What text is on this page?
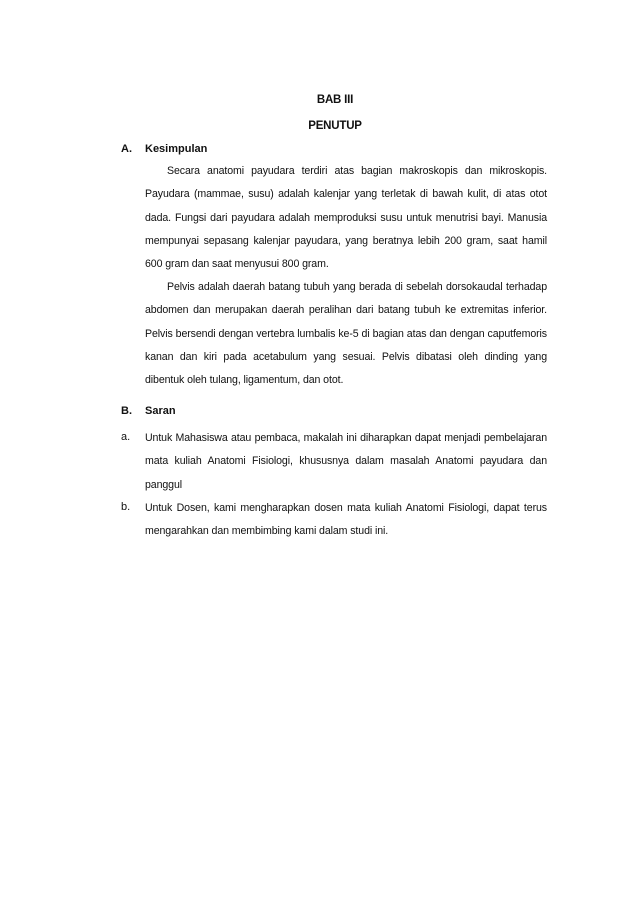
BAB III
PENUTUP
A. Kesimpulan

Secara anatomi payudara terdiri atas bagian makroskopis dan mikroskopis. Payudara (mammae, susu) adalah kalenjar yang terletak di bawah kulit, di atas otot dada. Fungsi dari payudara adalah memproduksi susu untuk menutrisi bayi. Manusia mempunyai sepasang kalenjar payudara, yang beratnya lebih 200 gram, saat hamil 600 gram dan saat menyusui 800 gram.

Pelvis adalah daerah batang tubuh yang berada di sebelah dorsokaudal terhadap abdomen dan merupakan daerah peralihan dari batang tubuh ke extremitas inferior. Pelvis bersendi dengan vertebra lumbalis ke-5 di bagian atas dan dengan caputfemoris kanan dan kiri pada acetabulum yang sesuai. Pelvis dibatasi oleh dinding yang dibentuk oleh tulang, ligamentum, dan otot.

B. Saran
a. Untuk Mahasiswa atau pembaca, makalah ini diharapkan dapat menjadi pembelajaran mata kuliah Anatomi Fisiologi, khususnya dalam masalah Anatomi payudara dan panggul
b. Untuk Dosen, kami mengharapkan dosen mata kuliah Anatomi Fisiologi, dapat terus mengarahkan dan membimbing kami dalam studi ini.
